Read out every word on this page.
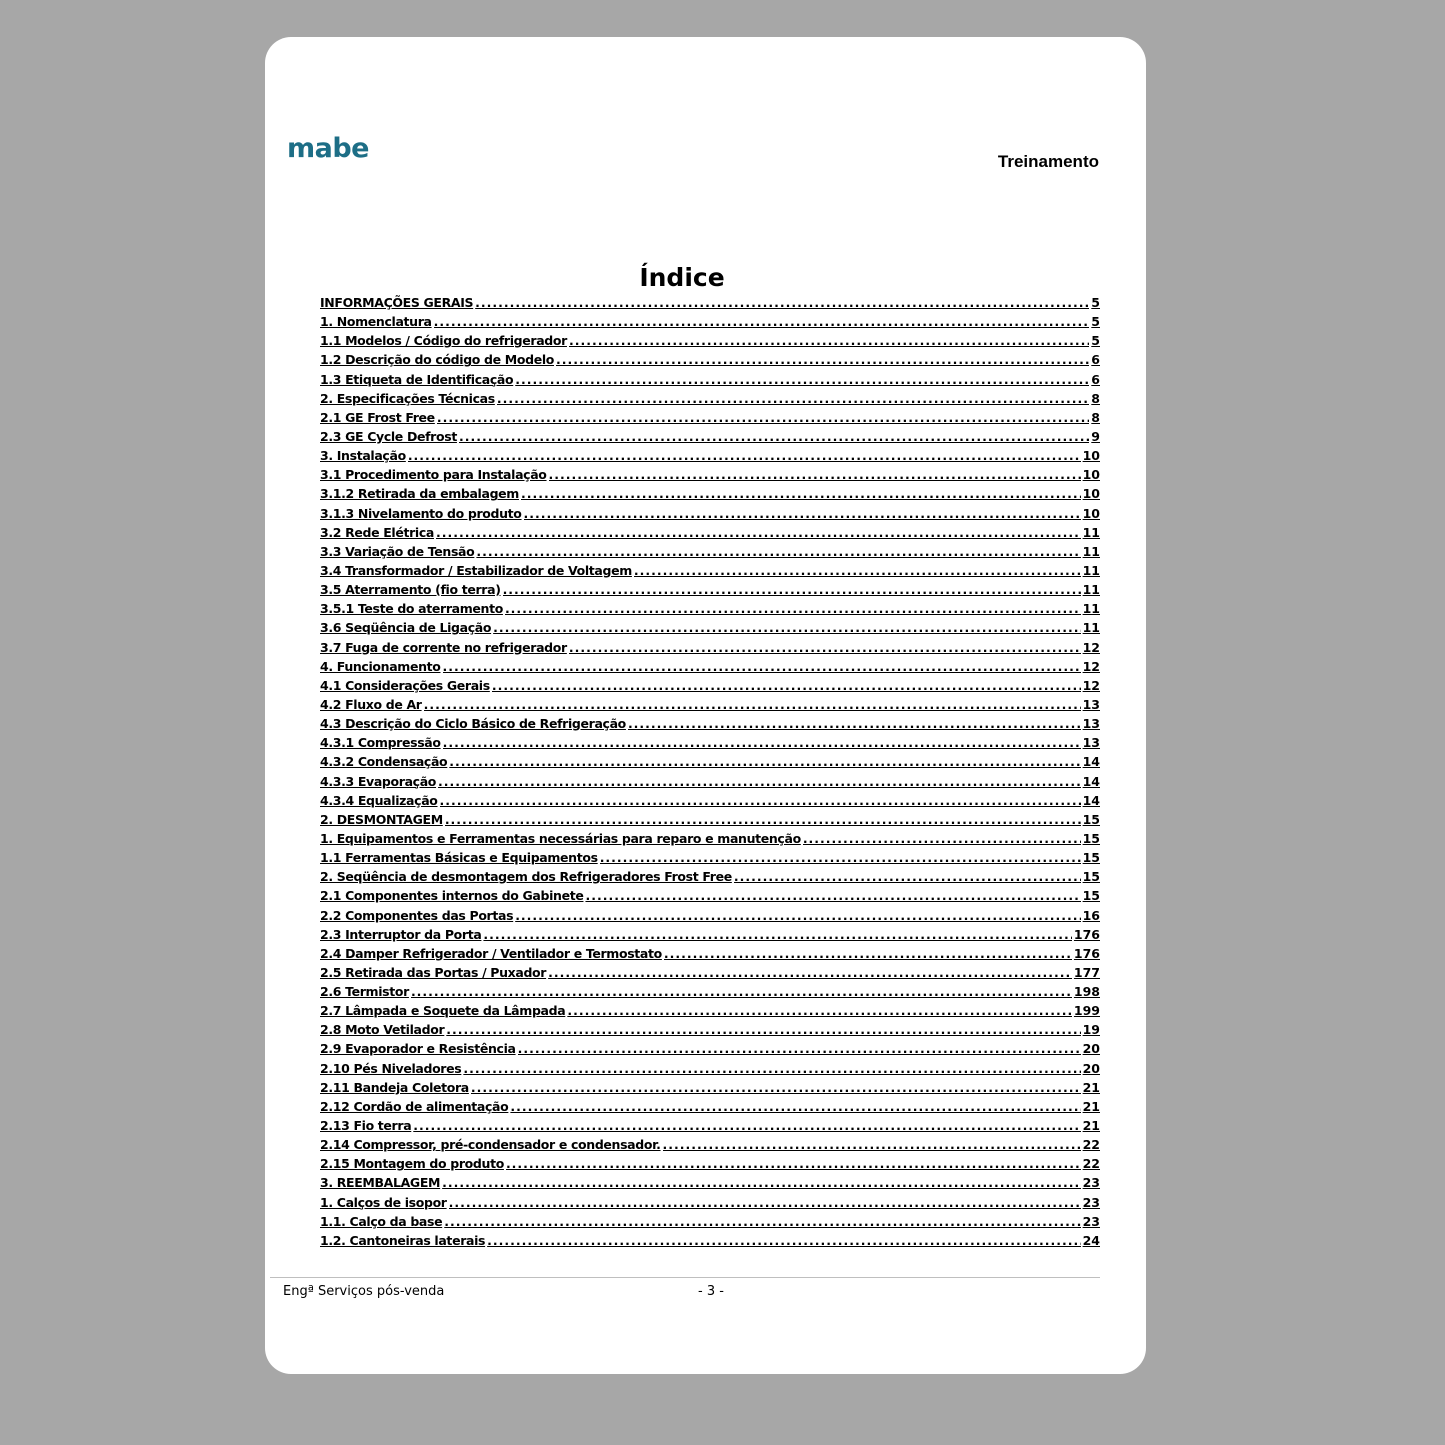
mabe	Treinamento
Índice
INFORMAÇÕES GERAIS .....	5
1. Nomenclatura .....	5
1.1 Modelos / Código do refrigerador .....	5
1.2 Descrição do código de Modelo .....	6
1.3 Etiqueta de Identificação .....	6
2. Especificações Técnicas .....	8
2.1 GE Frost Free .....	8
2.3 GE Cycle Defrost .....	9
3. Instalação .....	10
3.1 Procedimento para Instalação .....	10
3.1.2 Retirada da embalagem .....	10
3.1.3 Nivelamento do produto .....	10
3.2 Rede Elétrica .....	11
3.3 Variação de Tensão .....	11
3.4 Transformador / Estabilizador de Voltagem .....	11
3.5 Aterramento (fio terra) .....	11
3.5.1 Teste do aterramento .....	11
3.6 Seqüência de Ligação .....	11
3.7 Fuga de corrente no refrigerador .....	12
4. Funcionamento .....	12
4.1 Considerações Gerais .....	12
4.2 Fluxo de Ar .....	13
4.3 Descrição do Ciclo Básico de Refrigeração .....	13
4.3.1 Compressão .....	13
4.3.2 Condensação .....	14
4.3.3 Evaporação .....	14
4.3.4 Equalização .....	14
2. DESMONTAGEM .....	15
1. Equipamentos e Ferramentas necessárias para reparo e manutenção .....	15
1.1 Ferramentas Básicas e Equipamentos .....	15
2. Seqüência de desmontagem dos Refrigeradores Frost Free .....	15
2.1 Componentes internos do Gabinete .....	15
2.2 Componentes das Portas .....	16
2.3 Interruptor da Porta .....	176
2.4 Damper Refrigerador / Ventilador e Termostato .....	176
2.5 Retirada das Portas / Puxador .....	177
2.6 Termistor .....	198
2.7 Lâmpada e Soquete da Lâmpada .....	199
2.8 Moto Vetilador .....	19
2.9 Evaporador e Resistência .....	20
2.10 Pés Niveladores .....	20
2.11 Bandeja Coletora .....	21
2.12 Cordão de alimentação .....	21
2.13 Fio terra .....	21
2.14 Compressor, pré-condensador e condensador. .....	22
2.15 Montagem do produto .....	22
3. REEMBALAGEM .....	23
1. Calços de isopor .....	23
1.1. Calço da base .....	23
1.2. Cantoneiras laterais .....	24
Engª Serviços pós-venda	- 3 -
